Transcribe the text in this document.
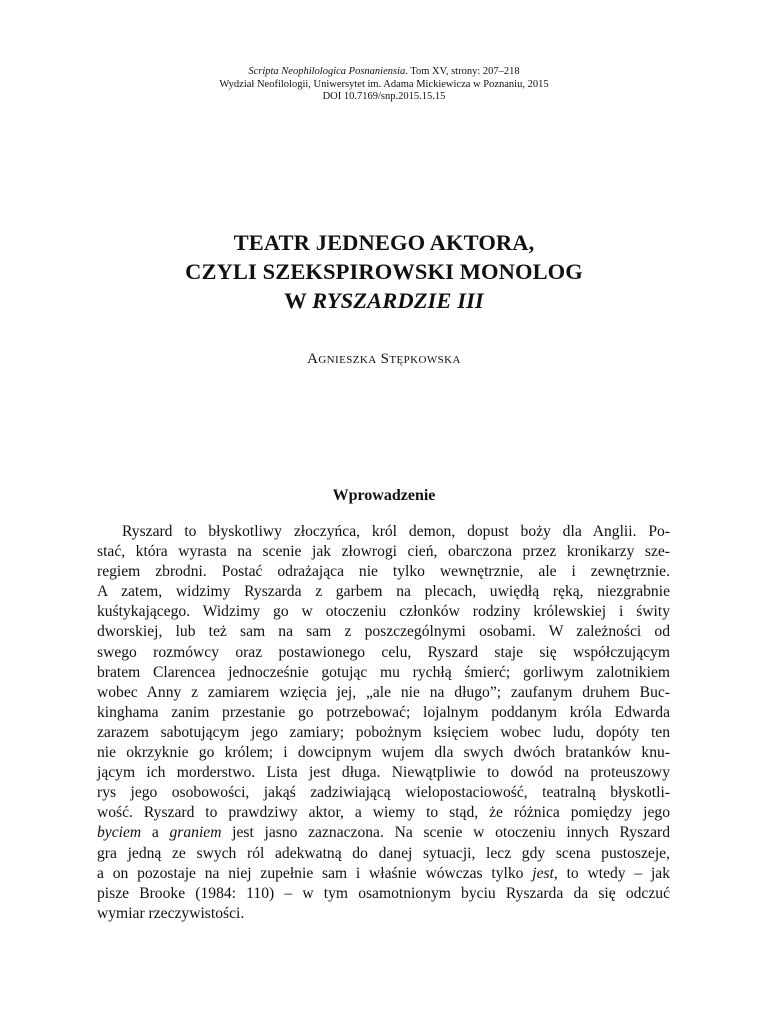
Scripta Neophilologica Posnaniensia. Tom XV, strony: 207–218
Wydział Neofilologii, Uniwersytet im. Adama Mickiewicza w Poznaniu, 2015
DOI 10.7169/snp.2015.15.15
TEATR JEDNEGO AKTORA,
CZYLI SZEKSPIROWSKI MONOLOG
W RYSZARDZIE III
Agnieszka Stępkowska
Wprowadzenie
Ryszard to błyskotliwy złoczyńca, król demon, dopust boży dla Anglii. Po-
stać, która wyrasta na scenie jak złowrogi cień, obarczona przez kronikarzy sze-
regiem zbrodni. Postać odrażająca nie tylko wewnętrznie, ale i zewnętrznie.
A zatem, widzimy Ryszarda z garbem na plecach, uwiędłą ręką, niezgrabnie
kuśtykającego. Widzimy go w otoczeniu członków rodziny królewskiej i świty
dworskiej, lub też sam na sam z poszczególnymi osobami. W zależności od
swego rozmówcy oraz postawionego celu, Ryszard staje się współczującym
bratem Clarencea jednocześnie gotując mu rychłą śmierć; gorliwym zalotnikiem
wobec Anny z zamiarem wzięcia jej, „ale nie na długo”; zaufanym druhem Buc-
kinghama zanim przestanie go potrzebować; lojalnym poddanym króla Edwarda
zarazem sabotującym jego zamiary; pobożnym księciem wobec ludu, dopóty ten
nie okrzyknie go królem; i dowcipnym wujem dla swych dwóch bratanków knu-
jącym ich morderstwo. Lista jest długa. Niewątpliwie to dowód na proteuszowy
rys jego osobowości, jakąś zadziwiającą wielopostaciowość, teatralną błyskotli-
wość. Ryszard to prawdziwy aktor, a wiemy to stąd, że różnica pomiędzy jego
byciem a graniem jest jasno zaznaczona. Na scenie w otoczeniu innych Ryszard
gra jedną ze swych ról adekwatną do danej sytuacji, lecz gdy scena pustoszeje,
a on pozostaje na niej zupełnie sam i właśnie wówczas tylko jest, to wtedy – jak
pisze Brooke (1984: 110) – w tym osamotnionym byciu Ryszarda da się odczuć
wymiar rzeczywistości.
